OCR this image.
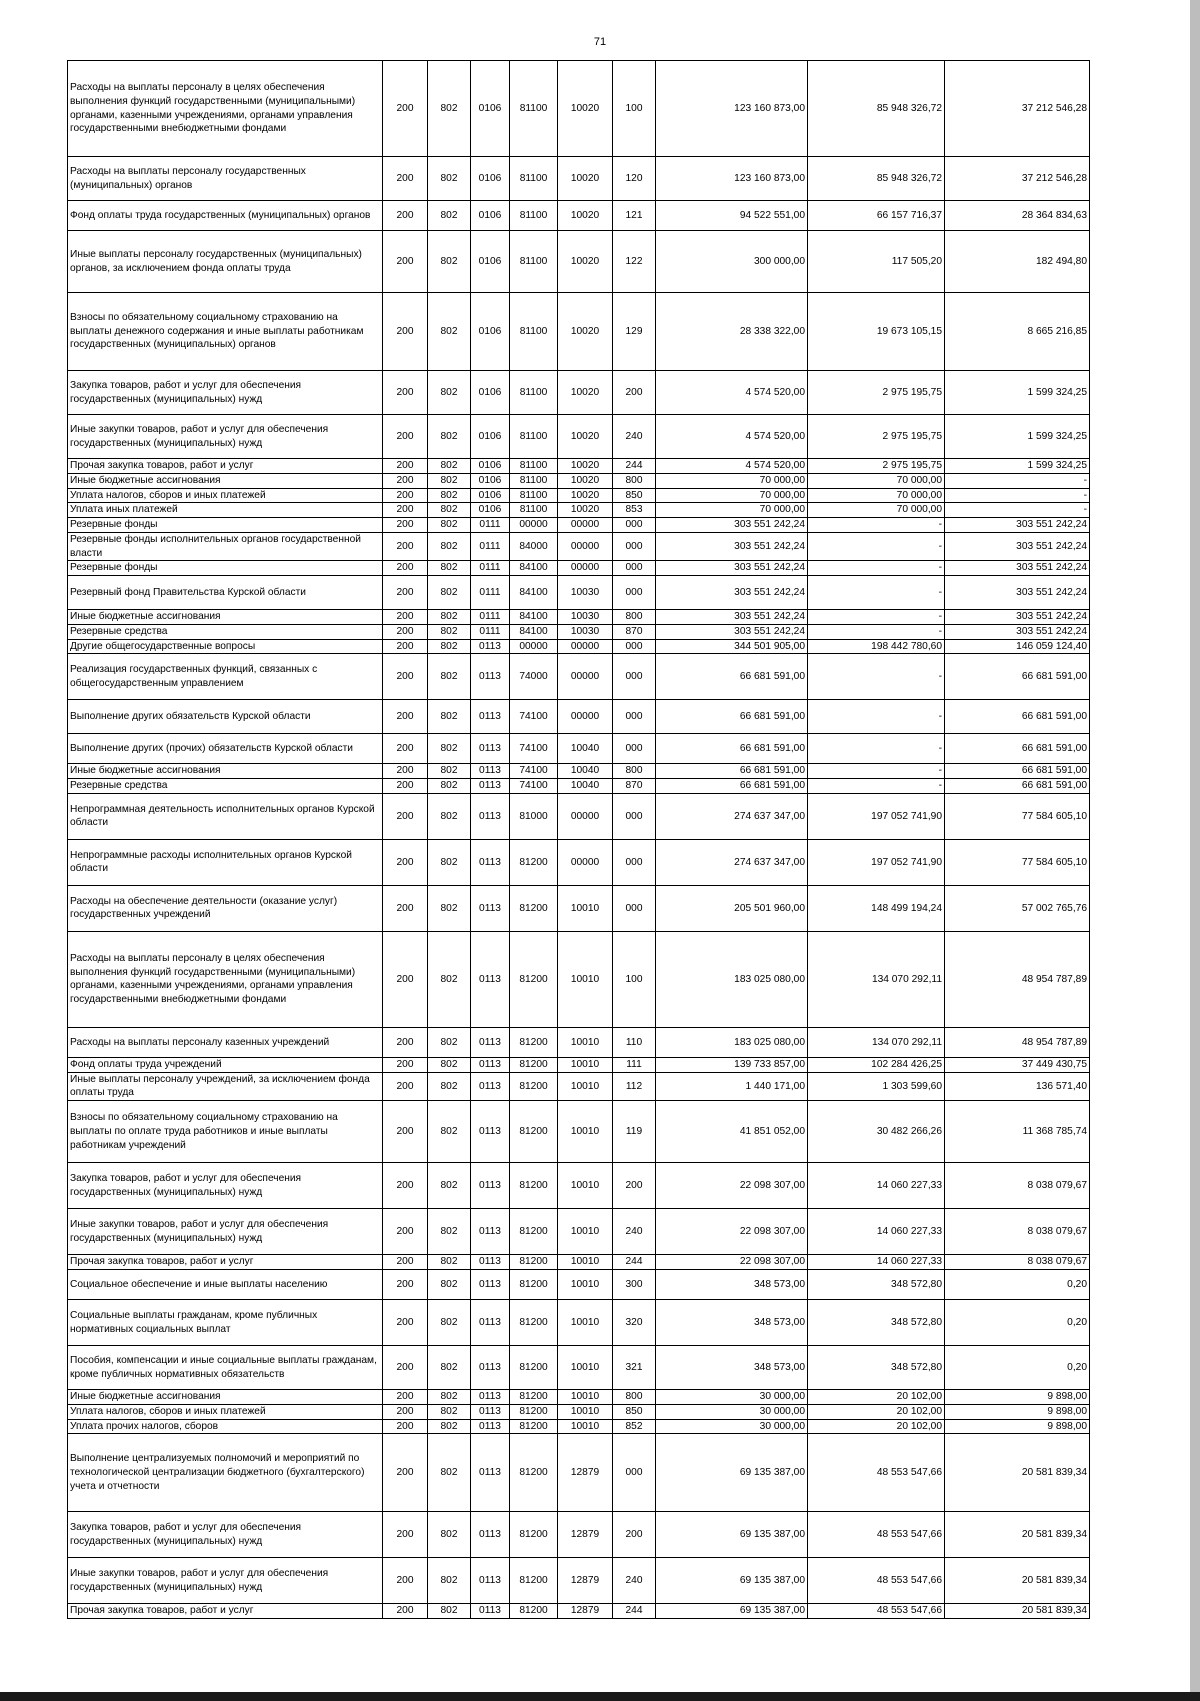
71
Расходы на выплаты персоналу в целях обеспечения выполнения функций государственными (муниципальными) органами, казенными учреждениями, органами управления государственными внебюджетными фондами	200	802	0106	81100	10020	100	123 160 873,00	85 948 326,72	37 212 546,28
Расходы на выплаты персоналу государственных (муниципальных) органов	200	802	0106	81100	10020	120	123 160 873,00	85 948 326,72	37 212 546,28
Фонд оплаты труда государственных (муниципальных) органов	200	802	0106	81100	10020	121	94 522 551,00	66 157 716,37	28 364 834,63
Иные выплаты персоналу государственных (муниципальных) органов, за исключением фонда оплаты труда	200	802	0106	81100	10020	122	300 000,00	117 505,20	182 494,80
Взносы по обязательному социальному страхованию на выплаты денежного содержания и иные выплаты работникам государственных (муниципальных) органов	200	802	0106	81100	10020	129	28 338 322,00	19 673 105,15	8 665 216,85
Закупка товаров, работ и услуг для обеспечения государственных (муниципальных) нужд	200	802	0106	81100	10020	200	4 574 520,00	2 975 195,75	1 599 324,25
Иные закупки товаров, работ и услуг для обеспечения государственных (муниципальных) нужд	200	802	0106	81100	10020	240	4 574 520,00	2 975 195,75	1 599 324,25
Прочая закупка товаров, работ и услуг	200	802	0106	81100	10020	244	4 574 520,00	2 975 195,75	1 599 324,25
Иные бюджетные ассигнования	200	802	0106	81100	10020	800	70 000,00	70 000,00	-
Уплата налогов, сборов и иных платежей	200	802	0106	81100	10020	850	70 000,00	70 000,00	-
Уплата иных платежей	200	802	0106	81100	10020	853	70 000,00	70 000,00	-
Резервные фонды	200	802	0111	00000	00000	000	303 551 242,24	-	303 551 242,24
Резервные фонды исполнительных органов государственной власти	200	802	0111	84000	00000	000	303 551 242,24	-	303 551 242,24
Резервные фонды	200	802	0111	84100	00000	000	303 551 242,24	-	303 551 242,24
Резервный фонд Правительства Курской области	200	802	0111	84100	10030	000	303 551 242,24	-	303 551 242,24
Иные бюджетные ассигнования	200	802	0111	84100	10030	800	303 551 242,24	-	303 551 242,24
Резервные средства	200	802	0111	84100	10030	870	303 551 242,24	-	303 551 242,24
Другие общегосударственные вопросы	200	802	0113	00000	00000	000	344 501 905,00	198 442 780,60	146 059 124,40
Реализация государственных функций, связанных с общегосударственным управлением	200	802	0113	74000	00000	000	66 681 591,00	-	66 681 591,00
Выполнение других обязательств Курской области	200	802	0113	74100	00000	000	66 681 591,00	-	66 681 591,00
Выполнение других (прочих) обязательств Курской области	200	802	0113	74100	10040	000	66 681 591,00	-	66 681 591,00
Иные бюджетные ассигнования	200	802	0113	74100	10040	800	66 681 591,00	-	66 681 591,00
Резервные средства	200	802	0113	74100	10040	870	66 681 591,00	-	66 681 591,00
Непрограммная деятельность исполнительных органов Курской области	200	802	0113	81000	00000	000	274 637 347,00	197 052 741,90	77 584 605,10
Непрограммные расходы исполнительных органов Курской области	200	802	0113	81200	00000	000	274 637 347,00	197 052 741,90	77 584 605,10
Расходы на обеспечение деятельности (оказание услуг) государственных учреждений	200	802	0113	81200	10010	000	205 501 960,00	148 499 194,24	57 002 765,76
Расходы на выплаты персоналу в целях обеспечения выполнения функций государственными (муниципальными) органами, казенными учреждениями, органами управления государственными внебюджетными фондами	200	802	0113	81200	10010	100	183 025 080,00	134 070 292,11	48 954 787,89
Расходы на выплаты персоналу казенных учреждений	200	802	0113	81200	10010	110	183 025 080,00	134 070 292,11	48 954 787,89
Фонд оплаты труда учреждений	200	802	0113	81200	10010	111	139 733 857,00	102 284 426,25	37 449 430,75
Иные выплаты персоналу учреждений, за исключением фонда оплаты труда	200	802	0113	81200	10010	112	1 440 171,00	1 303 599,60	136 571,40
Взносы по обязательному социальному страхованию на выплаты по оплате труда работников и иные выплаты работникам учреждений	200	802	0113	81200	10010	119	41 851 052,00	30 482 266,26	11 368 785,74
Закупка товаров, работ и услуг для обеспечения государственных (муниципальных) нужд	200	802	0113	81200	10010	200	22 098 307,00	14 060 227,33	8 038 079,67
Иные закупки товаров, работ и услуг для обеспечения государственных (муниципальных) нужд	200	802	0113	81200	10010	240	22 098 307,00	14 060 227,33	8 038 079,67
Прочая закупка товаров, работ и услуг	200	802	0113	81200	10010	244	22 098 307,00	14 060 227,33	8 038 079,67
Социальное обеспечение и иные выплаты населению	200	802	0113	81200	10010	300	348 573,00	348 572,80	0,20
Социальные выплаты гражданам, кроме публичных нормативных социальных выплат	200	802	0113	81200	10010	320	348 573,00	348 572,80	0,20
Пособия, компенсации и иные социальные выплаты гражданам, кроме публичных нормативных обязательств	200	802	0113	81200	10010	321	348 573,00	348 572,80	0,20
Иные бюджетные ассигнования	200	802	0113	81200	10010	800	30 000,00	20 102,00	9 898,00
Уплата налогов, сборов и иных платежей	200	802	0113	81200	10010	850	30 000,00	20 102,00	9 898,00
Уплата прочих налогов, сборов	200	802	0113	81200	10010	852	30 000,00	20 102,00	9 898,00
Выполнение централизуемых полномочий и мероприятий по технологической централизации бюджетного (бухгалтерского) учета и отчетности	200	802	0113	81200	12879	000	69 135 387,00	48 553 547,66	20 581 839,34
Закупка товаров, работ и услуг для обеспечения государственных (муниципальных) нужд	200	802	0113	81200	12879	200	69 135 387,00	48 553 547,66	20 581 839,34
Иные закупки товаров, работ и услуг для обеспечения государственных (муниципальных) нужд	200	802	0113	81200	12879	240	69 135 387,00	48 553 547,66	20 581 839,34
Прочая закупка товаров, работ и услуг	200	802	0113	81200	12879	244	69 135 387,00	48 553 547,66	20 581 839,34
